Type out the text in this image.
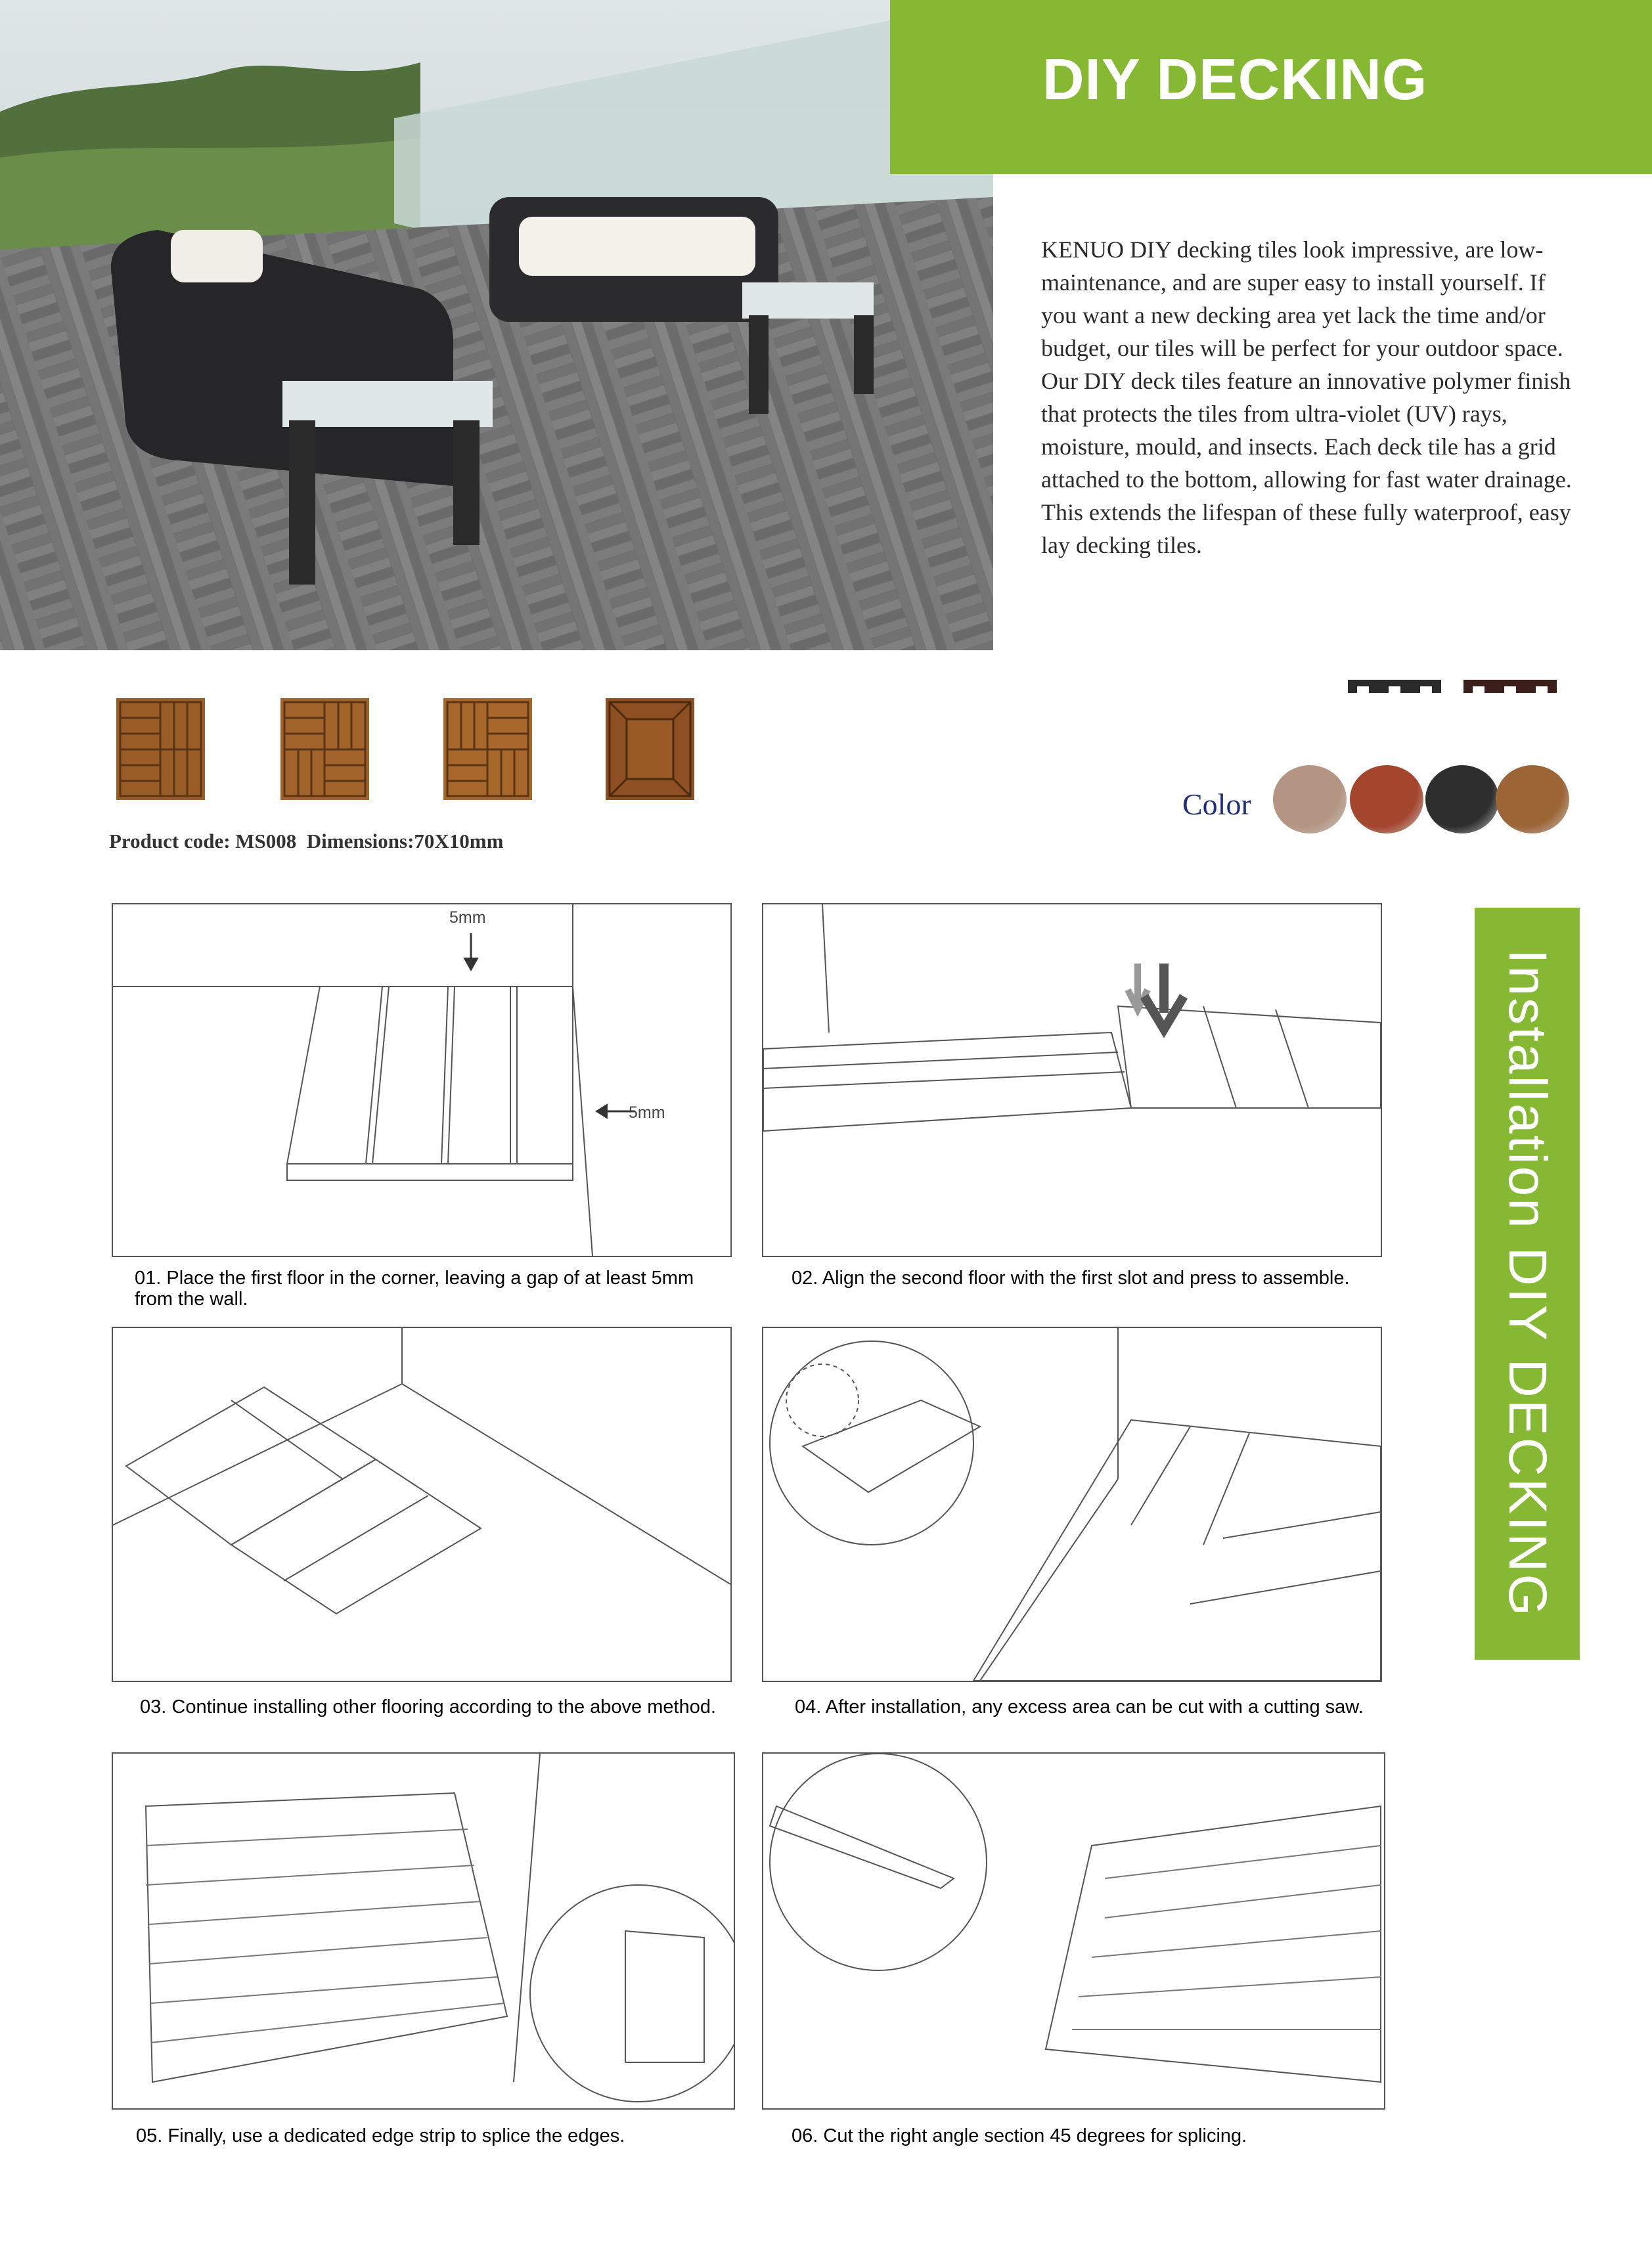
DIY DECKING

KENUO DIY decking tiles look impressive, are low-maintenance, and are super easy to install yourself. If you want a new decking area yet lack the time and/or budget, our tiles will be perfect for your outdoor space.

Our DIY deck tiles feature an innovative polymer finish that protects the tiles from ultra-violet (UV) rays, moisture, mould, and insects. Each deck tile has a grid attached to the bottom, allowing for fast water drainage. This extends the lifespan of these fully waterproof, easy lay decking tiles.

Product code: MS008  Dimensions:70X10mm
Color
Installation DIY DECKING
5mm
5mm
01. Place the first floor in the corner, leaving a gap of at least 5mm from the wall.
02. Align the second floor with the first slot and press to assemble.
03. Continue installing other flooring according to the above method.	04. After installation, any excess area can be cut with a cutting saw.
05. Finally, use a dedicated edge strip to splice the edges.	06. Cut the right angle section 45 degrees for splicing.
